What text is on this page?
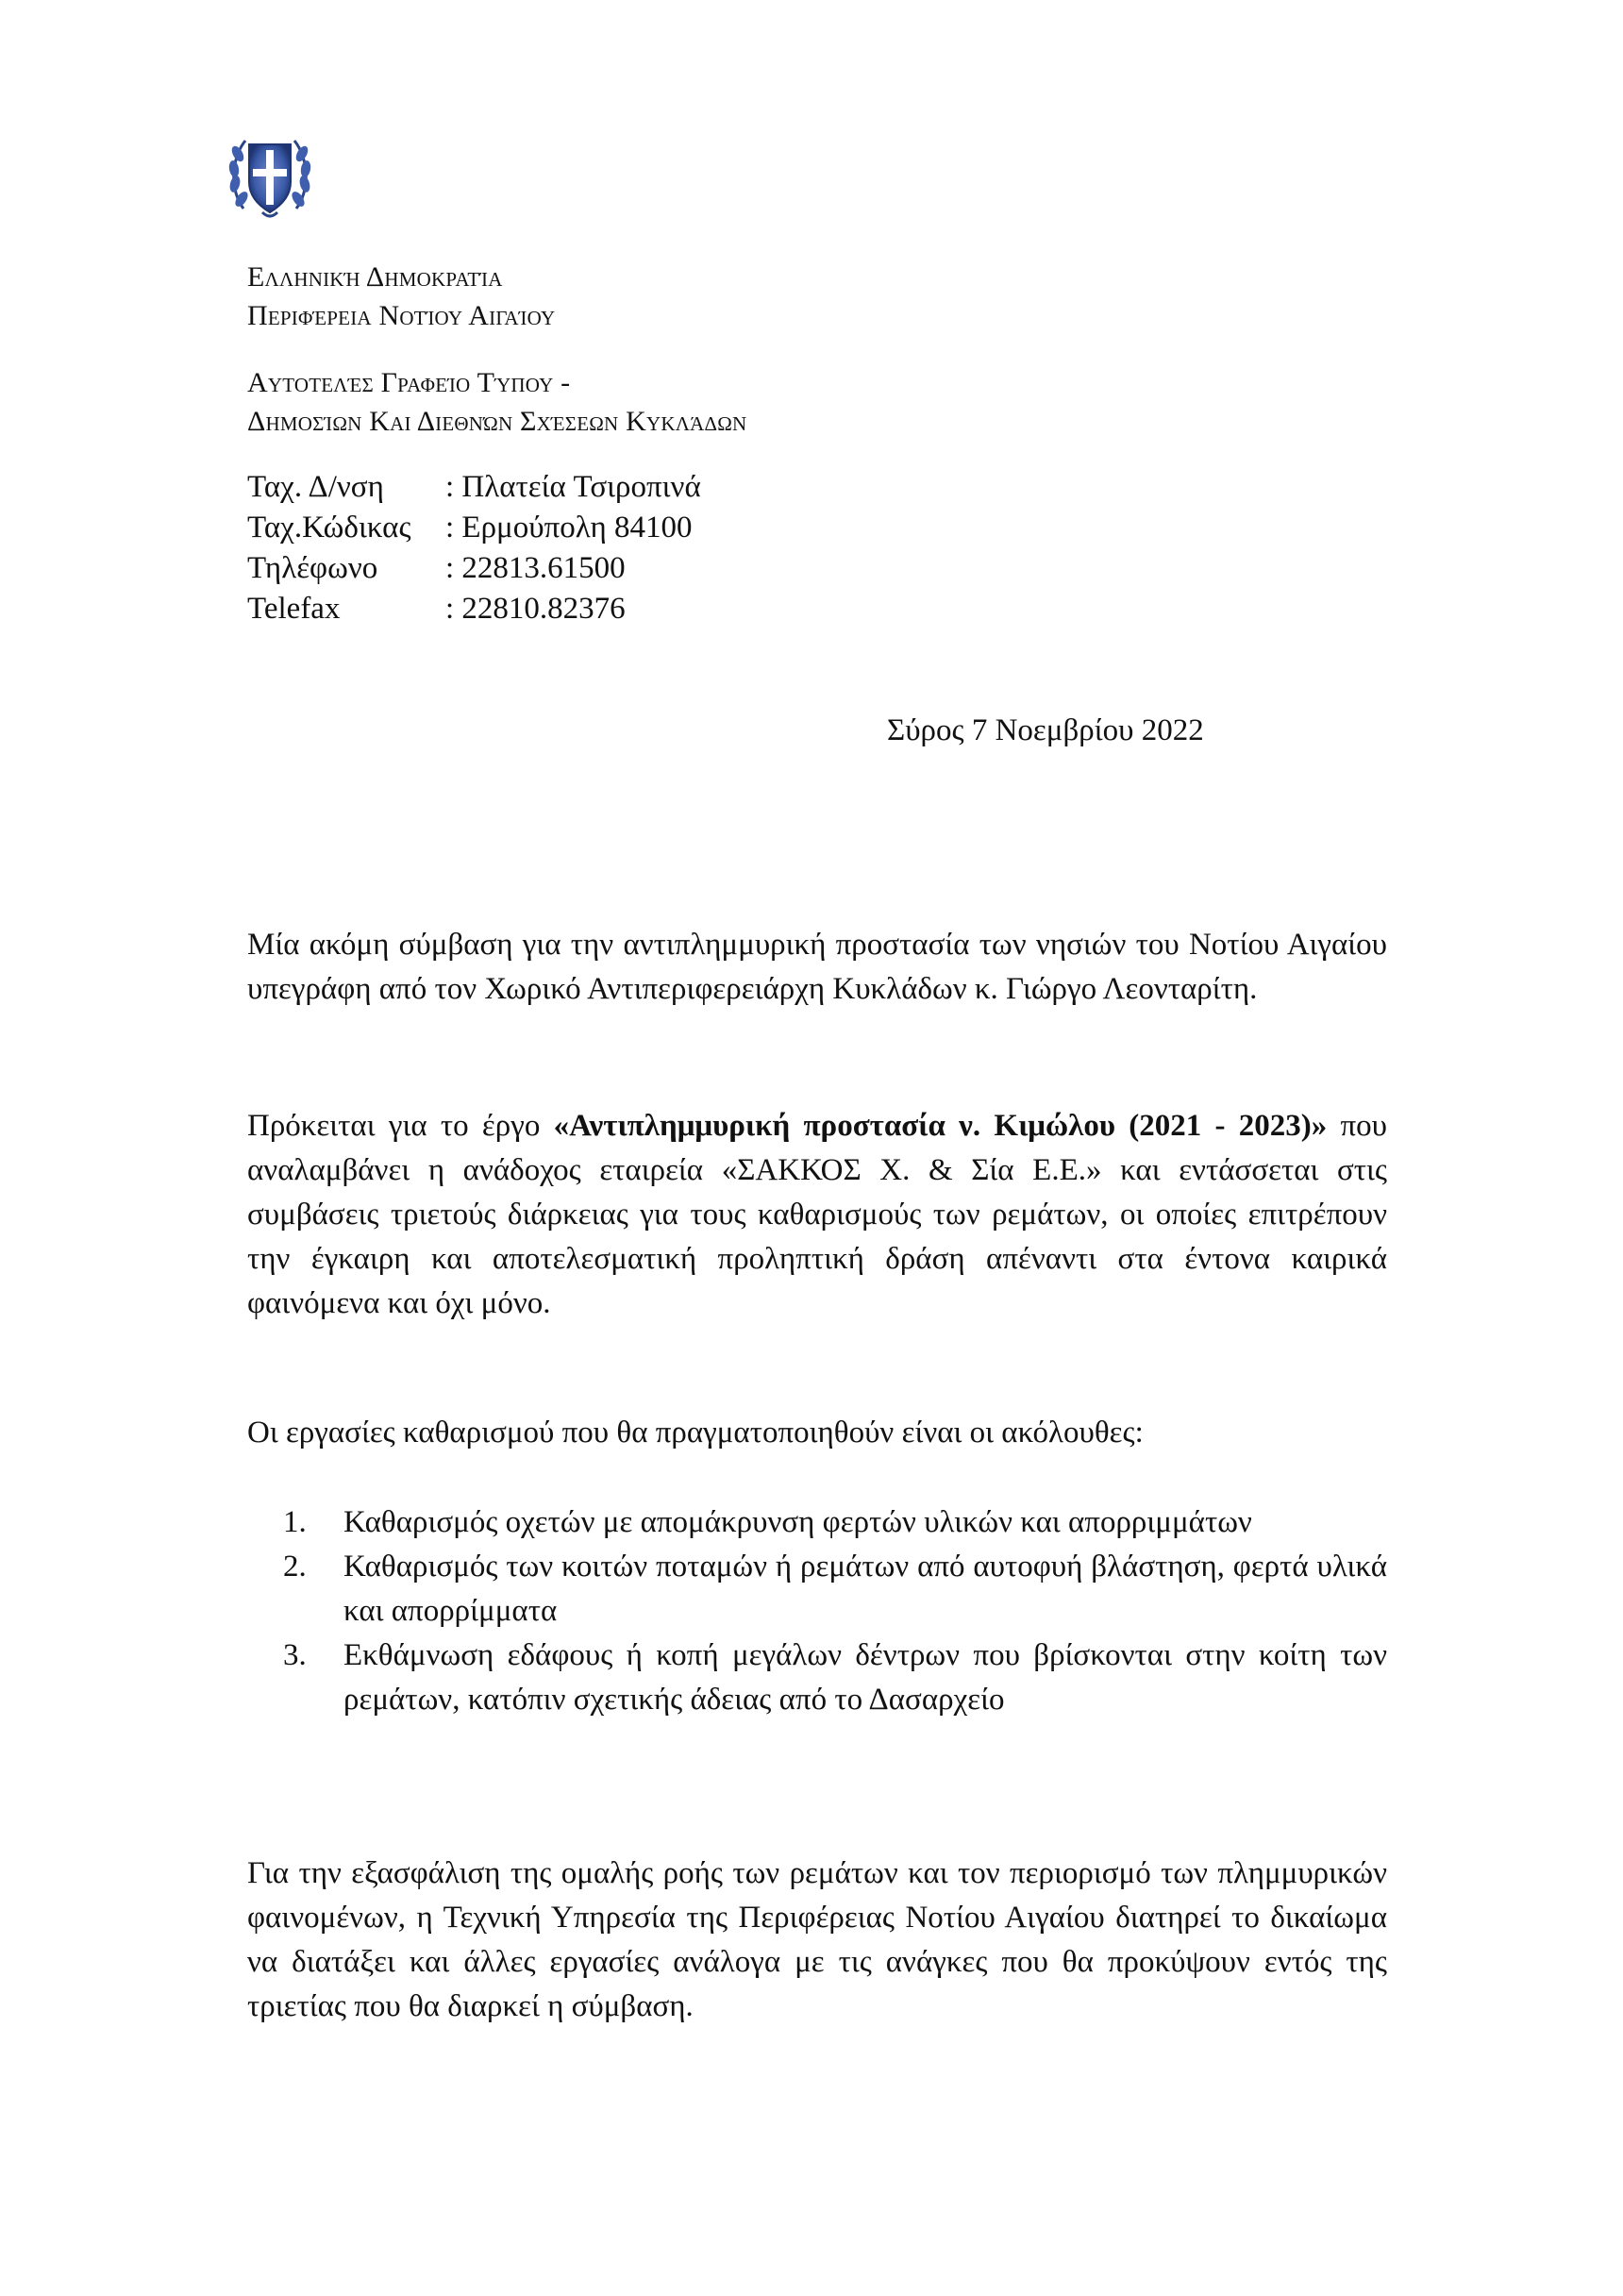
Ελληνική Δημοκρατία
Περιφέρεια Νοτίου Αιγαίου
Αυτοτελές Γραφείο Τύπου -
Δημοσίων Και Διεθνών Σχέσεων Κυκλάδων
Ταχ. Δ/νση	: Πλατεία Τσιροπινά
Ταχ.Κώδικας	: Ερμούπολη 84100
Τηλέφωνο	: 22813.61500
Telefax	: 22810.82376
Σύρος 7 Νοεμβρίου 2022

Μία ακόμη σύμβαση για την αντιπλημμυρική προστασία των νησιών του Νοτίου Αιγαίου υπεγράφη από τον Χωρικό Αντιπεριφερειάρχη Κυκλάδων κ. Γιώργο Λεονταρίτη.

Πρόκειται για το έργο «Αντιπλημμυρική προστασία ν. Κιμώλου (2021 - 2023)» που αναλαμβάνει η ανάδοχος εταιρεία «ΣΑΚΚΟΣ Χ. & Σία Ε.Ε.» και εντάσσεται στις συμβάσεις τριετούς διάρκειας για τους καθαρισμούς των ρεμάτων, οι οποίες επιτρέπουν την έγκαιρη και αποτελεσματική προληπτική δράση απέναντι στα έντονα καιρικά φαινόμενα και όχι μόνο.

Οι εργασίες καθαρισμού που θα πραγματοποιηθούν είναι οι ακόλουθες:

1.	Καθαρισμός οχετών με απομάκρυνση φερτών υλικών και απορριμμάτων
2.	Καθαρισμός των κοιτών ποταμών ή ρεμάτων από αυτοφυή βλάστηση, φερτά υλικά και απορρίμματα
3.	Εκθάμνωση εδάφους ή κοπή μεγάλων δέντρων που βρίσκονται στην κοίτη των ρεμάτων, κατόπιν σχετικής άδειας από το Δασαρχείο

Για την εξασφάλιση της ομαλής ροής των ρεμάτων και τον περιορισμό των πλημμυρικών φαινομένων, η Τεχνική Υπηρεσία της Περιφέρειας Νοτίου Αιγαίου διατηρεί το δικαίωμα να διατάξει και άλλες εργασίες ανάλογα με τις ανάγκες που θα προκύψουν εντός της τριετίας που θα διαρκεί η σύμβαση.
